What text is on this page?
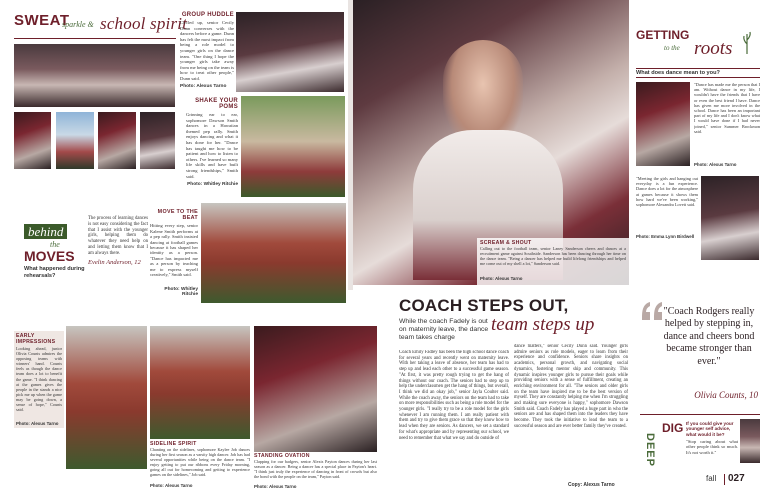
SWEAT
sparkle & school spirit
GROUP HUDDLE
Circled up, senior Cecily Dunn converses with the dancers before a game. Dunn has felt the most impact from being a role model to younger girls on the dance team. "One thing I hope the younger girls take away from me being on the team is how to treat other people," Dunn said.
Photo: Alexus Tarno
SHAKE YOUR POMS
Grinning ear to ear, sophomore Dawson Smith dances in a Hawaiian themed pep rally. Smith enjoys dancing and what it has done for her. "Dance has taught me how to be patient and how to listen to others. I've learned so many life skills and have built strong friendships," Smith said.
Photo: Whitley Ritchie
behind
the
MOVES
What happened during rehearsals?
The process of learning dances is not easy considering the fact that I assist with the younger girls, helping them do whatever they need help on and letting them know that I am always there.
Evelin Anderson, 12
MOVE TO THE BEAT
Hitting every step, senior Kalene Smith performs at a pep rally. Smith insisted dancing at football games because it has shaped her identity as a person. "Dance has impacted me as a person by teaching me to express myself creatively," Smith said.
Photo: Whitley Ritchie
EARLY IMPRESSIONS
Looking ahead, junior Olivia Counts admires the opposing teams with winners' hand. Counts feels as though the dance team does a lot to benefit the game. "I think dancing at the games gives the people in the stands a nice pick me up when the game may be going down, a sense of hope," Counts said.
Photo: Alexus Tarno
SIDELINE SPIRIT
Chanting on the sidelines, sophomore Kaylee Job dances during her first season as a varsity high dancer. Job has had several opportunities while being on the dance team. "I enjoy getting to put our ribbons every Friday morning, going all out for homecoming and getting to experience games on the sidelines," Job said.
Photo: Alexus Tarno
STANDING OVATION
Clapping for our badgers, senior Alexis Payton dances during her last season as a dancer. Being a dancer has a special place in Payton's heart. "I think just truly the experience of dancing in front of crowds but also the bond with the people on the team," Payton said.
Photo: Alexus Tarno
SCREAM & SHOUT
Calling out to the football team, senior Laney Sanderson cheers and dances at a recruitment game against Southside. Sanderson has been dancing through her time on the dance team. "Being a dancer has helped me build lifelong friendships and helped me come out of my shell a lot," Sanderson said.
Photo: Alexus Tarno
GETTING
to the roots
What does dance mean to you?
"Dance has made me the person that I am. Without dance in my life, I wouldn't have the friends that I have or even the best friend I have. Dance has given me more involved in the school. Dance has been an important part of my life and I don't know what I would have done if I had never joined," senior Summer Brockmon said.
Photo: Alexus Tarno
"Meeting the girls and hanging out everyday is a fun experience. Dance does a lot for the atmosphere at games because it shows them how hard we've been working," sophomore Alexandra Lovett said.
Photo: Emma Lynn Birdwell
COACH STEPS OUT,
team steps up
While the coach Fadely is out on maternity leave, the dance team takes charge
Coach Emily Fadley has been the high school dance coach for several years and recently went on maternity leave. With her taking a leave of absence, her team has had to step up and lead each other to a successful game season. "At first, it was pretty rough trying to get the hang of things without our coach. The seniors had to step up to help the underclassmen get the hang of things, but overall, I think we did an okay job," senior Jayla Coulter said. While the coach away, the seniors on the team had to take on more responsibilities such as being a role model for the younger girls. "I really try to be a role model for the girls whenever I am running them. I am really patient with them and try to give them grace so that they know how to lead when they are seniors. As dancers, we set a standard for what's appropriate and by representing our school, we need to remember that what we say and do outside of
dance matters," senior Cecily Dunn said. Younger girls admire seniors as role models, eager to learn from their experience and confidence. Seniors share insights on academics, personal growth, and navigating social dynamics, fostering mentor ship and community. This dynamic inspires younger girls to pursue their goals while providing seniors with a sense of fulfillment, creating an enriching environment for all. "The seniors and older girls on the team have inspired me to be the best version of myself. They are constantly helping me when I'm struggling and making sure everyone is happy," sophomore Dawson Smith said. Coach Fadely has played a huge part in who the seniors are and has shaped them into the leaders they have become. They took the initiative to lead the team to a successful season and are ever better family they've created.
Copy: Alexus Tarno
"Coach Rodgers really helped by stepping in, dance and cheers bond became stronger than ever."
Olivia Counts, 10
DIG
DEEP
If you could give your younger self advice, what would it be?
"Stop caring about what other people think so much. It's not worth it."
fall 027
